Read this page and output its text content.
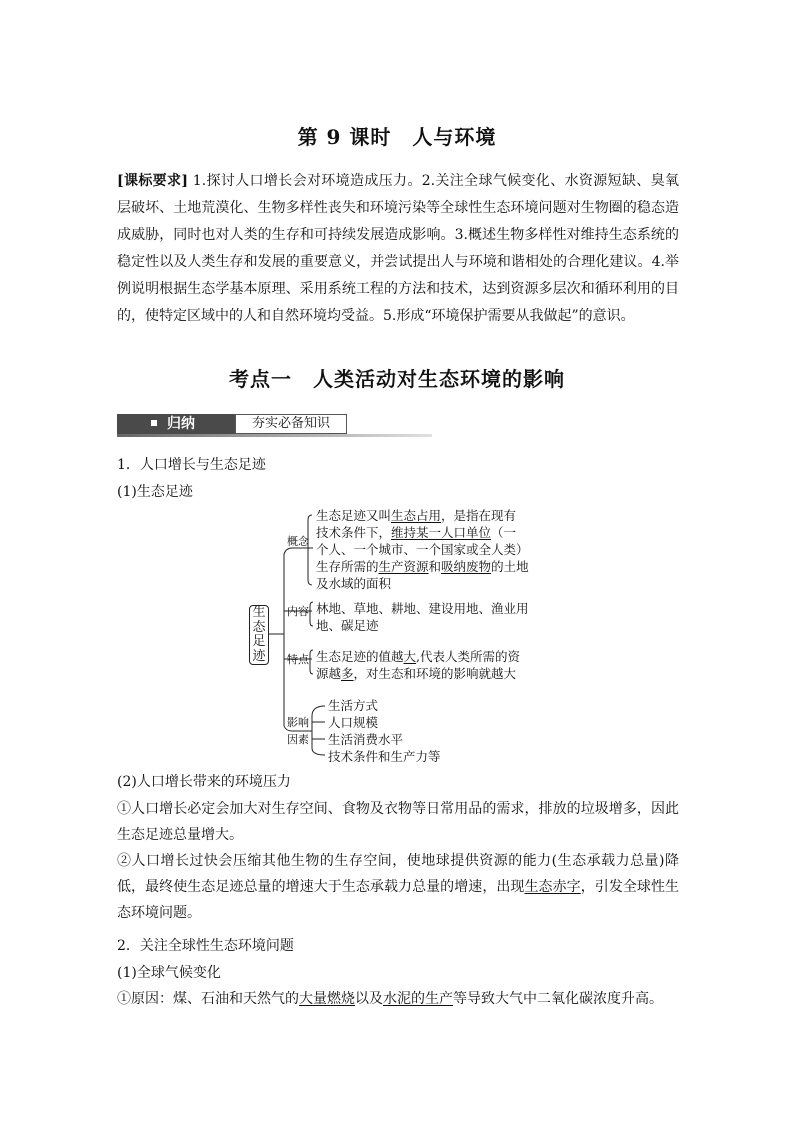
第 9 课时　人与环境
[课标要求] 1.探讨人口增长会对环境造成压力。2.关注全球气候变化、水资源短缺、臭氧层破坏、土地荒漠化、生物多样性丧失和环境污染等全球性生态环境问题对生物圈的稳态造成威胁，同时也对人类的生存和可持续发展造成影响。3.概述生物多样性对维持生态系统的稳定性以及人类生存和发展的重要意义，并尝试提出人与环境和谐相处的合理化建议。4.举例说明根据生态学基本原理、采用系统工程的方法和技术，达到资源多层次和循环利用的目的，使特定区域中的人和自然环境均受益。5.形成“环境保护需要从我做起”的意识。
考点一　人类活动对生态环境的影响
归纳	夯实必备知识
1．人口增长与生态足迹
(1)生态足迹
生态足迹
概念
生态足迹又叫生态占用，是指在现有
技术条件下，维持某一人口单位（一
个人、一个城市、一个国家或全人类）
生存所需的生产资源和吸纳废物的土地
及水域的面积
内容 林地、草地、耕地、建设用地、渔业用
地、碳足迹
特点 生态足迹的值越大,代表人类所需的资
源越多，对生态和环境的影响就越大
影响
因素
生活方式
人口规模
生活消费水平
技术条件和生产力等
(2)人口增长带来的环境压力
①人口增长必定会加大对生存空间、食物及衣物等日常用品的需求，排放的垃圾增多，因此生态足迹总量增大。
②人口增长过快会压缩其他生物的生存空间，使地球提供资源的能力(生态承载力总量)降低，最终使生态足迹总量的增速大于生态承载力总量的增速，出现生态赤字，引发全球性生态环境问题。
2．关注全球性生态环境问题
(1)全球气候变化
①原因：煤、石油和天然气的大量燃烧以及水泥的生产等导致大气中二氧化碳浓度升高。
